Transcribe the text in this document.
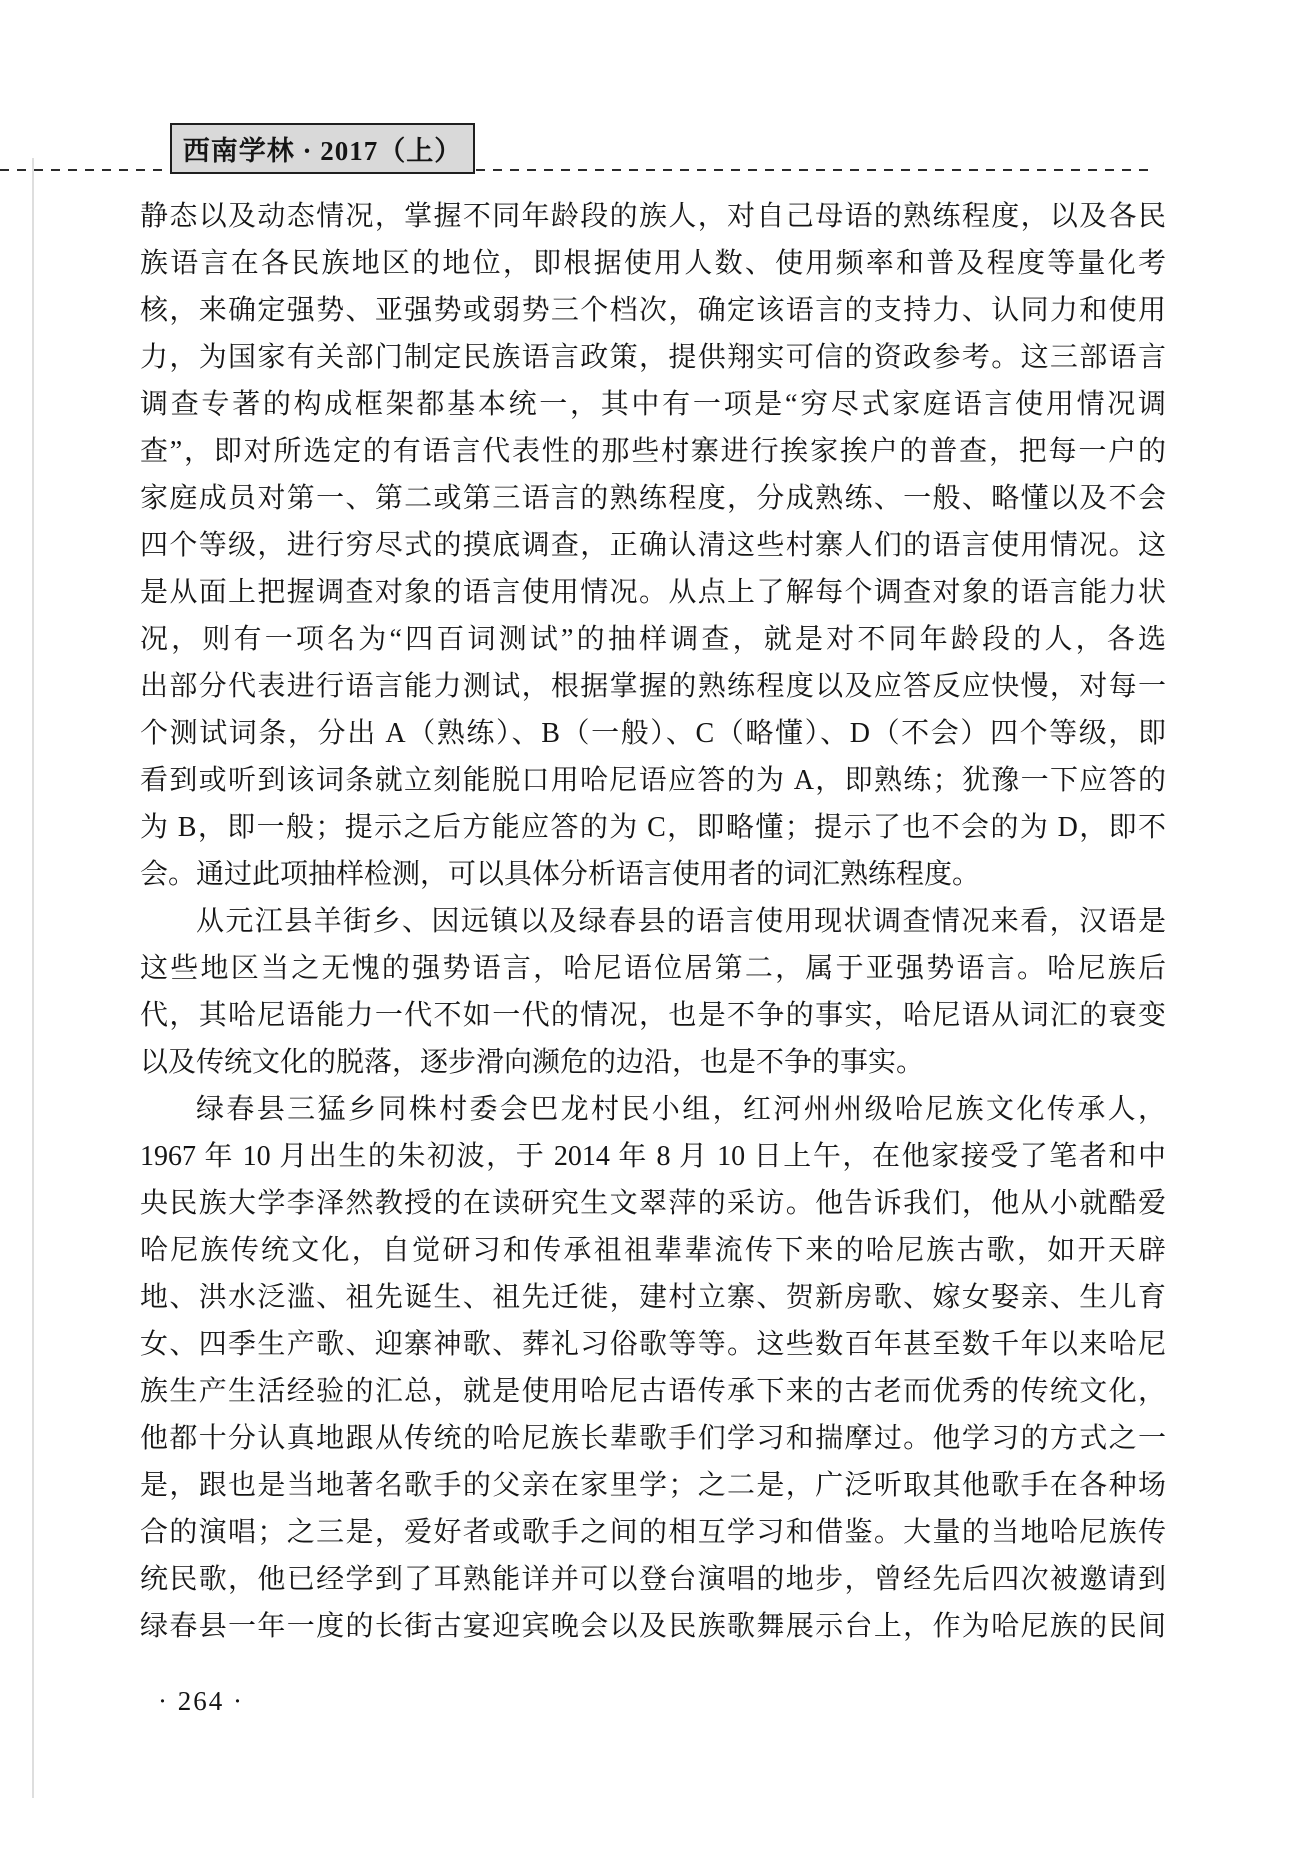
西南学林 · 2017（上）
静态以及动态情况，掌握不同年龄段的族人，对自己母语的熟练程度，以及各民
族语言在各民族地区的地位，即根据使用人数、使用频率和普及程度等量化考
核，来确定强势、亚强势或弱势三个档次，确定该语言的支持力、认同力和使用
力，为国家有关部门制定民族语言政策，提供翔实可信的资政参考。这三部语言
调查专著的构成框架都基本统一，其中有一项是“穷尽式家庭语言使用情况调
查”，即对所选定的有语言代表性的那些村寨进行挨家挨户的普查，把每一户的
家庭成员对第一、第二或第三语言的熟练程度，分成熟练、一般、略懂以及不会
四个等级，进行穷尽式的摸底调查，正确认清这些村寨人们的语言使用情况。这
是从面上把握调查对象的语言使用情况。从点上了解每个调查对象的语言能力状
况，则有一项名为“四百词测试”的抽样调查，就是对不同年龄段的人，各选
出部分代表进行语言能力测试，根据掌握的熟练程度以及应答反应快慢，对每一
个测试词条，分出 A（熟练）、B（一般）、C（略懂）、D（不会）四个等级，即
看到或听到该词条就立刻能脱口用哈尼语应答的为 A，即熟练；犹豫一下应答的
为 B，即一般；提示之后方能应答的为 C，即略懂；提示了也不会的为 D，即不
会。通过此项抽样检测，可以具体分析语言使用者的词汇熟练程度。
从元江县羊街乡、因远镇以及绿春县的语言使用现状调查情况来看，汉语是
这些地区当之无愧的强势语言，哈尼语位居第二，属于亚强势语言。哈尼族后
代，其哈尼语能力一代不如一代的情况，也是不争的事实，哈尼语从词汇的衰变
以及传统文化的脱落，逐步滑向濒危的边沿，也是不争的事实。
绿春县三猛乡同株村委会巴龙村民小组，红河州州级哈尼族文化传承人，
1967 年 10 月出生的朱初波，于 2014 年 8 月 10 日上午，在他家接受了笔者和中
央民族大学李泽然教授的在读研究生文翠萍的采访。他告诉我们，他从小就酷爱
哈尼族传统文化，自觉研习和传承祖祖辈辈流传下来的哈尼族古歌，如开天辟
地、洪水泛滥、祖先诞生、祖先迁徙，建村立寨、贺新房歌、嫁女娶亲、生儿育
女、四季生产歌、迎寨神歌、葬礼习俗歌等等。这些数百年甚至数千年以来哈尼
族生产生活经验的汇总，就是使用哈尼古语传承下来的古老而优秀的传统文化，
他都十分认真地跟从传统的哈尼族长辈歌手们学习和揣摩过。他学习的方式之一
是，跟也是当地著名歌手的父亲在家里学；之二是，广泛听取其他歌手在各种场
合的演唱；之三是，爱好者或歌手之间的相互学习和借鉴。大量的当地哈尼族传
统民歌，他已经学到了耳熟能详并可以登台演唱的地步，曾经先后四次被邀请到
绿春县一年一度的长街古宴迎宾晚会以及民族歌舞展示台上，作为哈尼族的民间
· 264 ·
